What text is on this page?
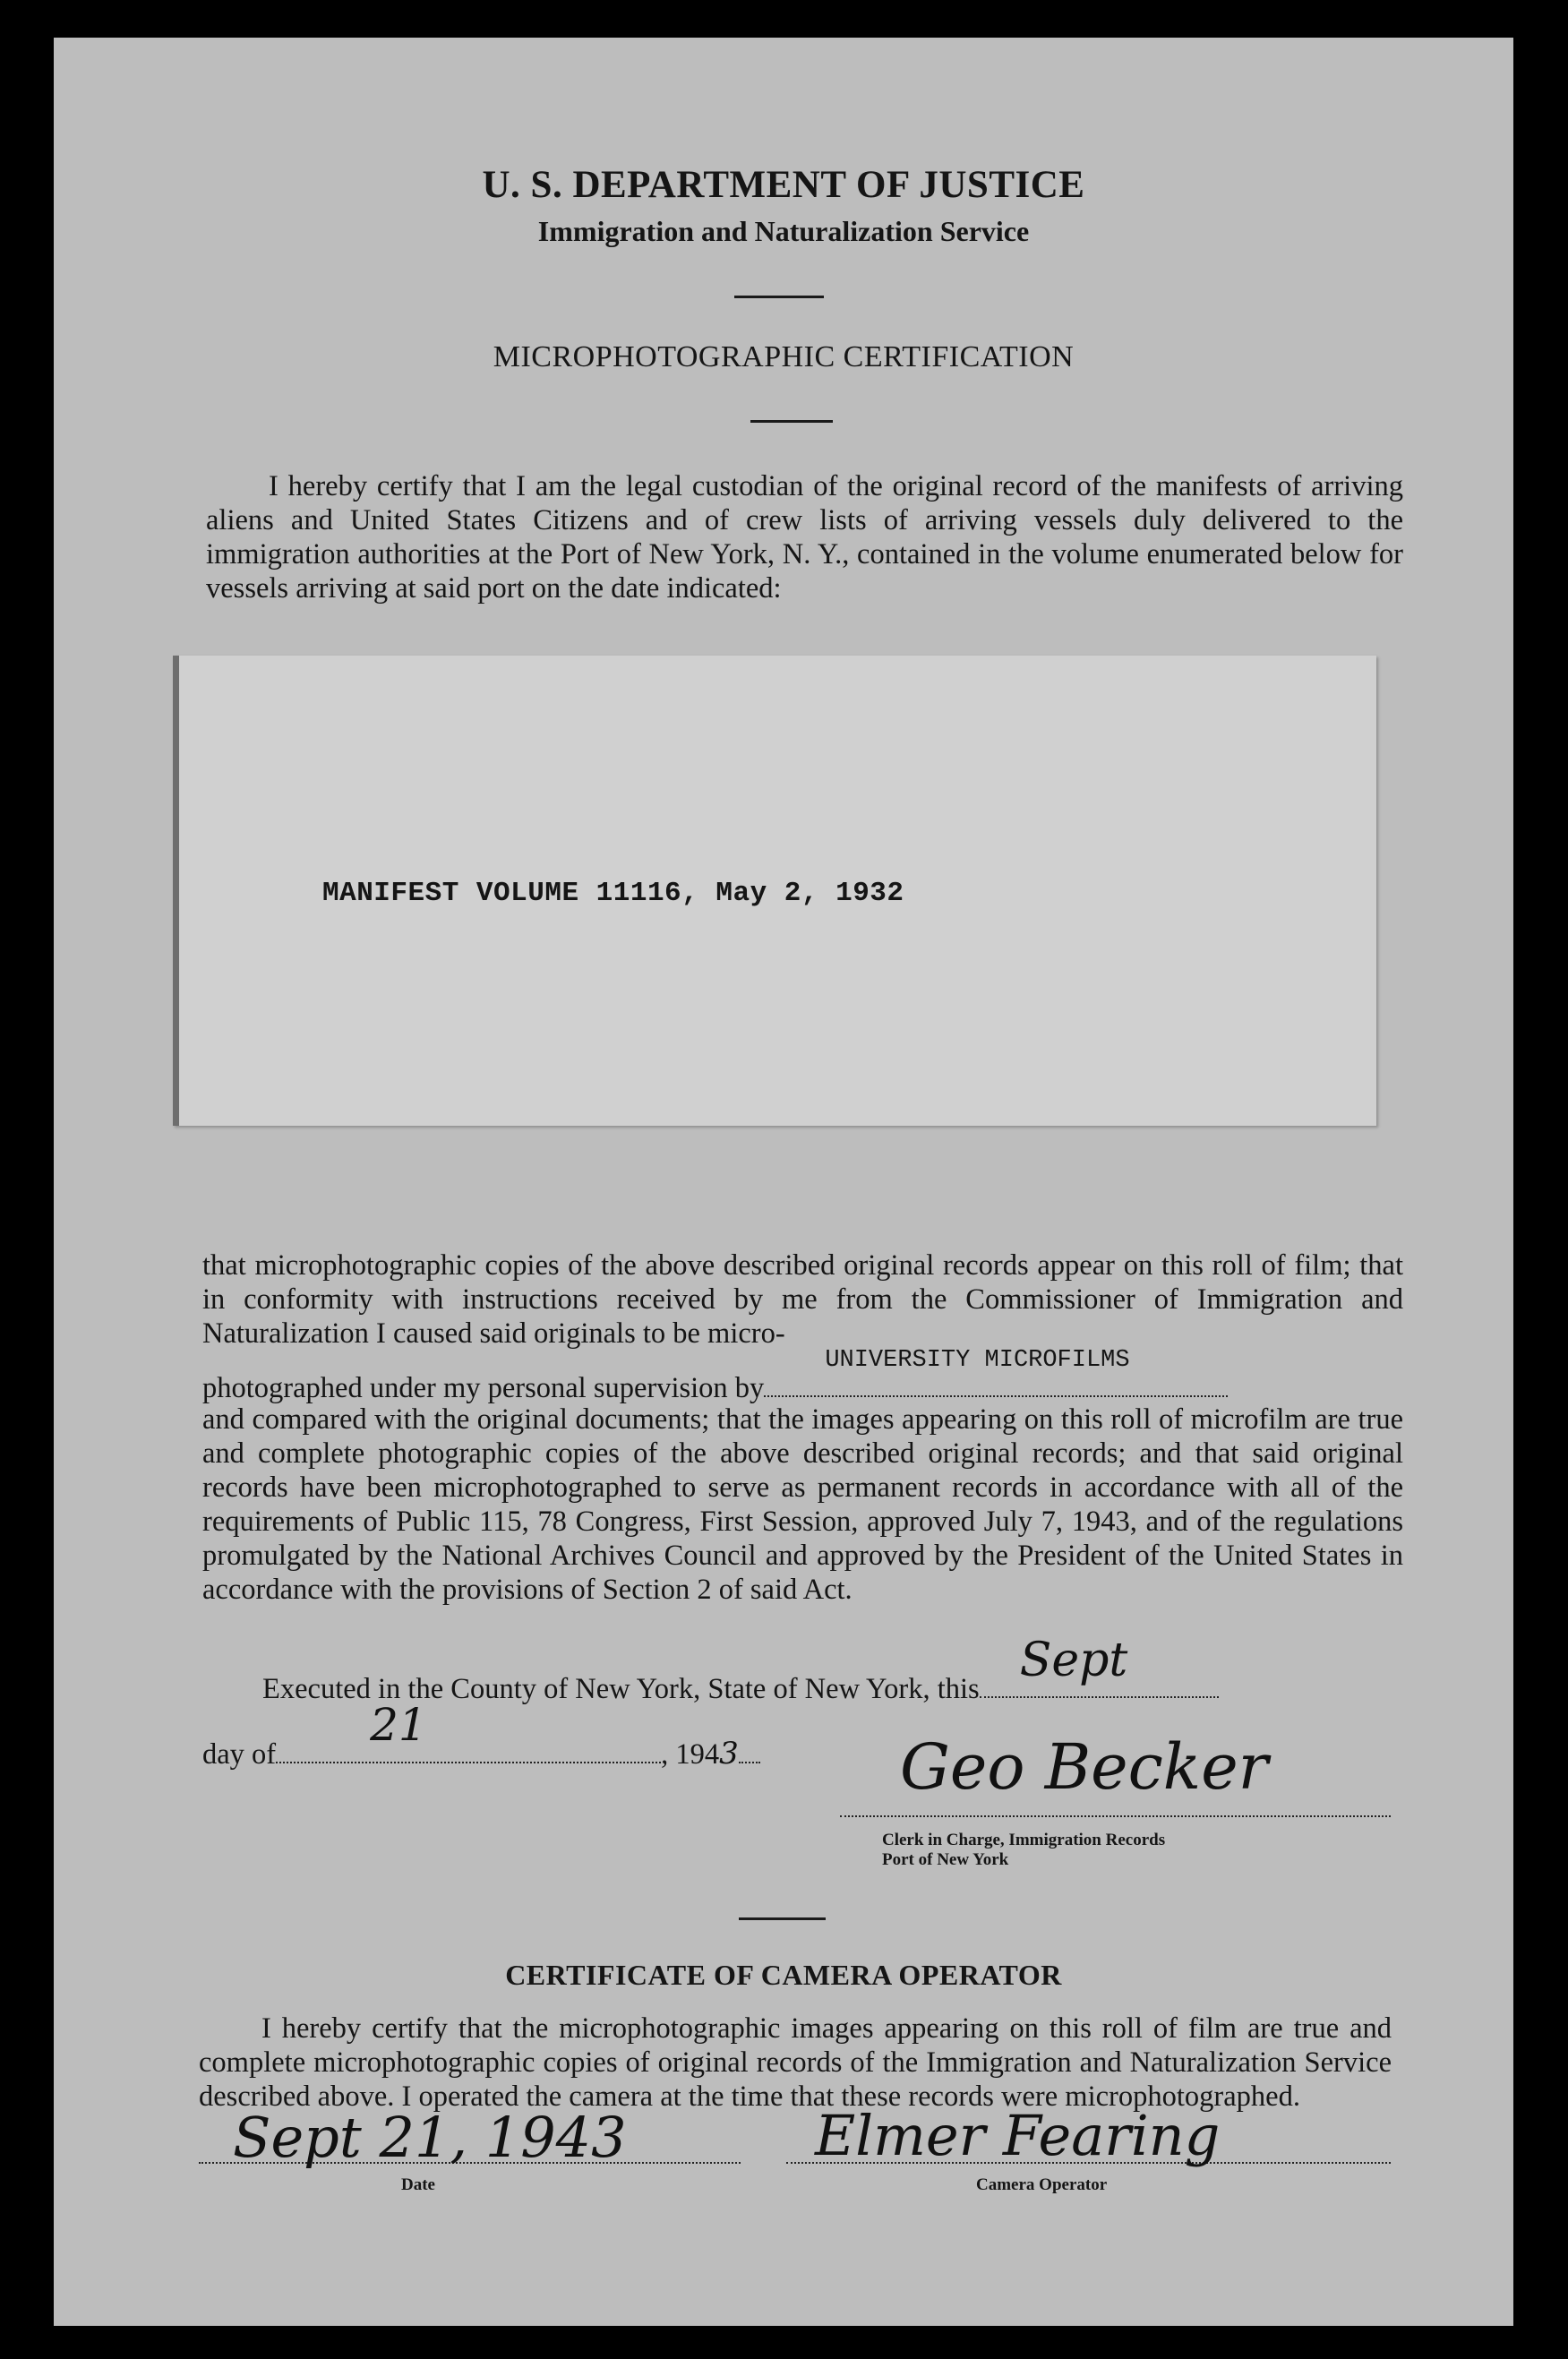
U. S. DEPARTMENT OF JUSTICE
Immigration and Naturalization Service
MICROPHOTOGRAPHIC CERTIFICATION

I hereby certify that I am the legal custodian of the original record of the manifests of arriving aliens and United States Citizens and of crew lists of arriving vessels duly delivered to the immigration authorities at the Port of New York, N. Y., contained in the volume enumerated below for vessels arriving at said port on the date indicated:

MANIFEST VOLUME 11116, May 2, 1932
that microphotographic copies of the above described original records appear on this roll of film; that in conformity with instructions received by me from the Commissioner of Immigration and Naturalization I caused said originals to be micro-
photographed under my personal supervision by
UNIVERSITY MICROFILMS
and compared with the original documents; that the images appearing on this roll of microfilm are true and complete photographic copies of the above described original records; and that said original records have been microphotographed to serve as permanent records in accordance with all of the requirements of Public 115, 78 Congress, First Session, approved July 7, 1943, and of the regulations promulgated by the National Archives Council and approved by the President of the United States in accordance with the provisions of Section 2 of said Act.
Executed in the County of New York, State of New York, this
Sept
day of
21
, 1943	Geo Becker
Clerk in Charge, Immigration Records
Port of New York
CERTIFICATE OF CAMERA OPERATOR

I hereby certify that the microphotographic images appearing on this roll of film are true and complete microphotographic copies of original records of the Immigration and Naturalization Service described above. I operated the camera at the time that these records were microphotographed.

Sept 21, 1943
Date
Elmer Fearing
Camera Operator
